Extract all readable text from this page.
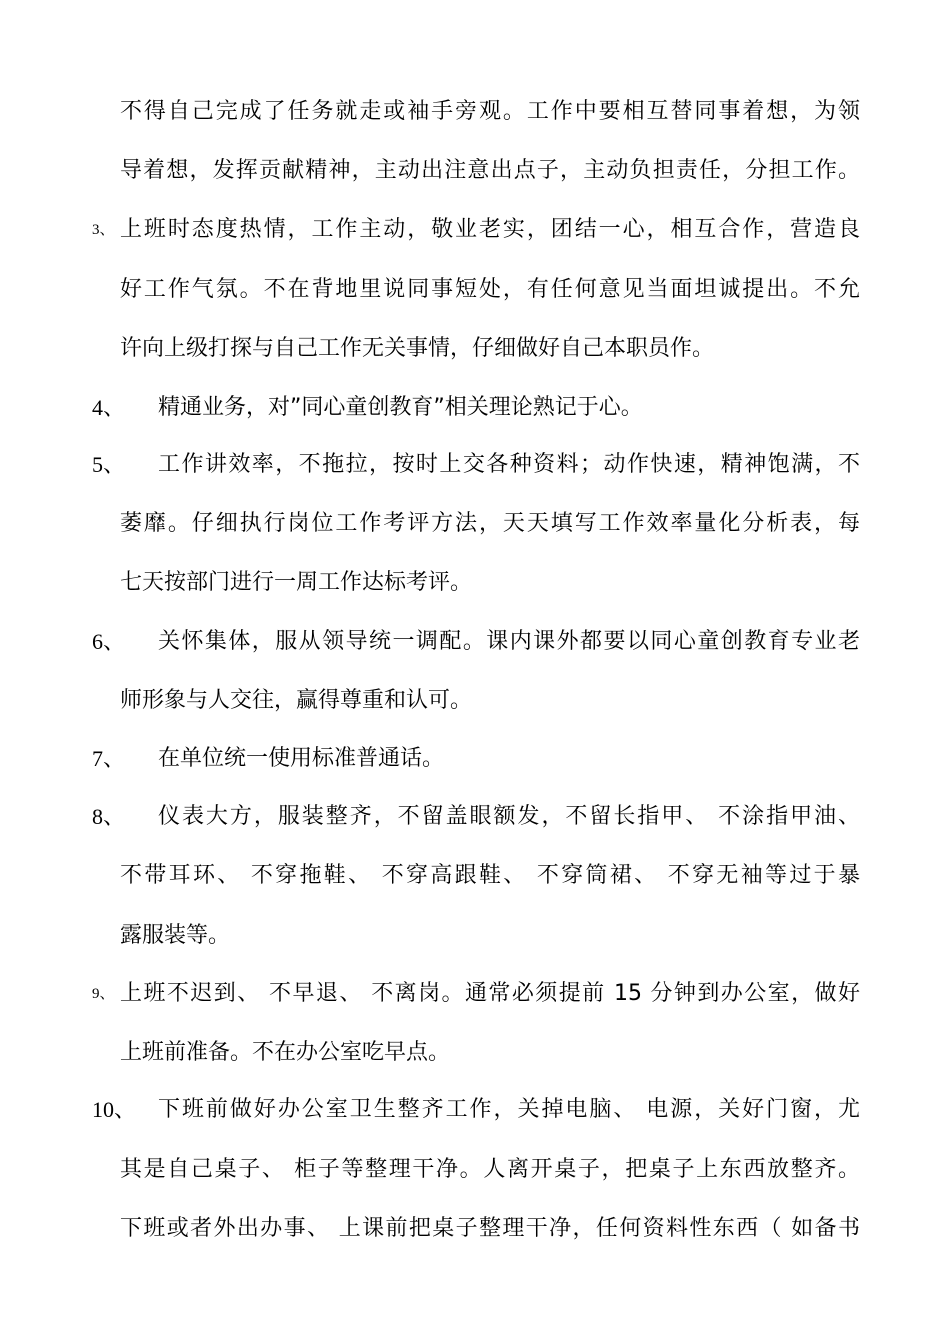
不得自己完成了任务就走或袖手旁观。工作中要相互替同事着想，为领
导着想，发挥贡献精神，主动出注意出点子，主动负担责任，分担工作。
3、 上班时态度热情，工作主动，敬业老实，团结一心，相互合作，营造良
好工作气氛。不在背地里说同事短处，有任何意见当面坦诚提出。不允
许向上级打探与自己工作无关事情，仔细做好自己本职员作。
4、 精通业务，对”同心童创教育”相关理论熟记于心。
5、 工作讲效率，不拖拉，按时上交各种资料；动作快速，精神饱满，不
萎靡。仔细执行岗位工作考评方法，天天填写工作效率量化分析表，每
七天按部门进行一周工作达标考评。
6、 关怀集体，服从领导统一调配。课内课外都要以同心童创教育专业老
师形象与人交往，赢得尊重和认可。
7、 在单位统一使用标准普通话。
8、 仪表大方，服装整齐，不留盖眼额发，不留长指甲、 不涂指甲油、
不带耳环、 不穿拖鞋、 不穿高跟鞋、 不穿筒裙、 不穿无袖等过于暴
露服装等。
9、 上班不迟到、 不早退、 不离岗。通常必须提前 15 分钟到办公室，做好
上班前准备。不在办公室吃早点。
10、 下班前做好办公室卫生整齐工作，关掉电脑、 电源，关好门窗，尤
其是自己桌子、 柜子等整理干净。人离开桌子，把桌子上东西放整齐。
下班或者外出办事、 上课前把桌子整理干净，任何资料性东西（ 如备书
